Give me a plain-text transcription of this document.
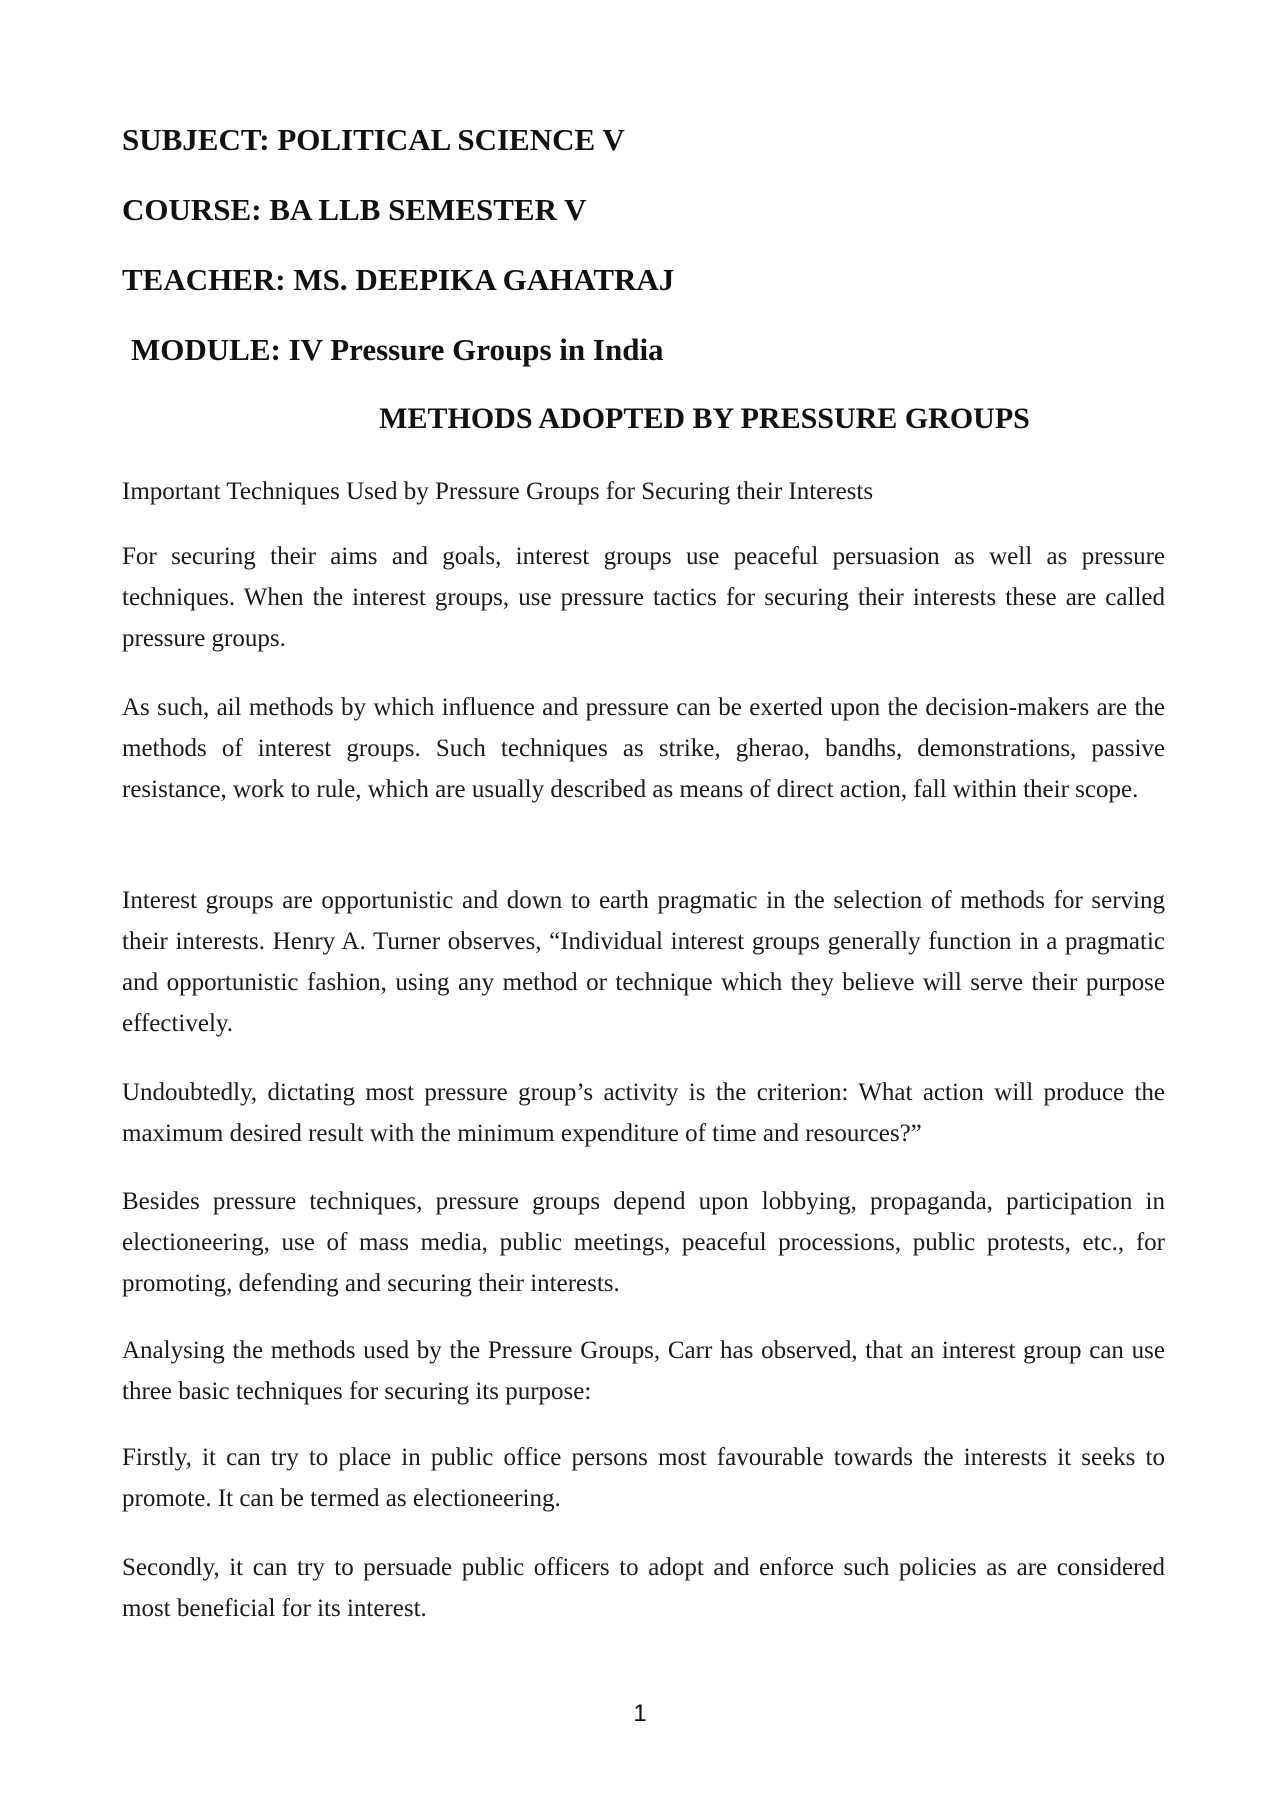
SUBJECT: POLITICAL SCIENCE V
COURSE: BA LLB SEMESTER V
TEACHER: MS. DEEPIKA GAHATRAJ
MODULE: IV Pressure Groups in India
METHODS ADOPTED BY PRESSURE GROUPS

Important Techniques Used by Pressure Groups for Securing their Interests

For securing their aims and goals, interest groups use peaceful persuasion as well as pressure techniques. When the interest groups, use pressure tactics for securing their interests these are called pressure groups.

As such, ail methods by which influence and pressure can be exerted upon the decision-makers are the methods of interest groups. Such techniques as strike, gherao, bandhs, demonstrations, passive resistance, work to rule, which are usually described as means of direct action, fall within their scope.

Interest groups are opportunistic and down to earth pragmatic in the selection of methods for serving their interests. Henry A. Turner observes, “Individual interest groups generally function in a pragmatic and opportunistic fashion, using any method or technique which they believe will serve their purpose effectively.

Undoubtedly, dictating most pressure group’s activity is the criterion: What action will produce the maximum desired result with the minimum expenditure of time and resources?”

Besides pressure techniques, pressure groups depend upon lobbying, propaganda, participation in electioneering, use of mass media, public meetings, peaceful processions, public protests, etc., for promoting, defending and securing their interests.

Analysing the methods used by the Pressure Groups, Carr has observed, that an interest group can use three basic techniques for securing its purpose:

Firstly, it can try to place in public office persons most favourable towards the interests it seeks to promote. It can be termed as electioneering.

Secondly, it can try to persuade public officers to adopt and enforce such policies as are considered most beneficial for its interest.

1
